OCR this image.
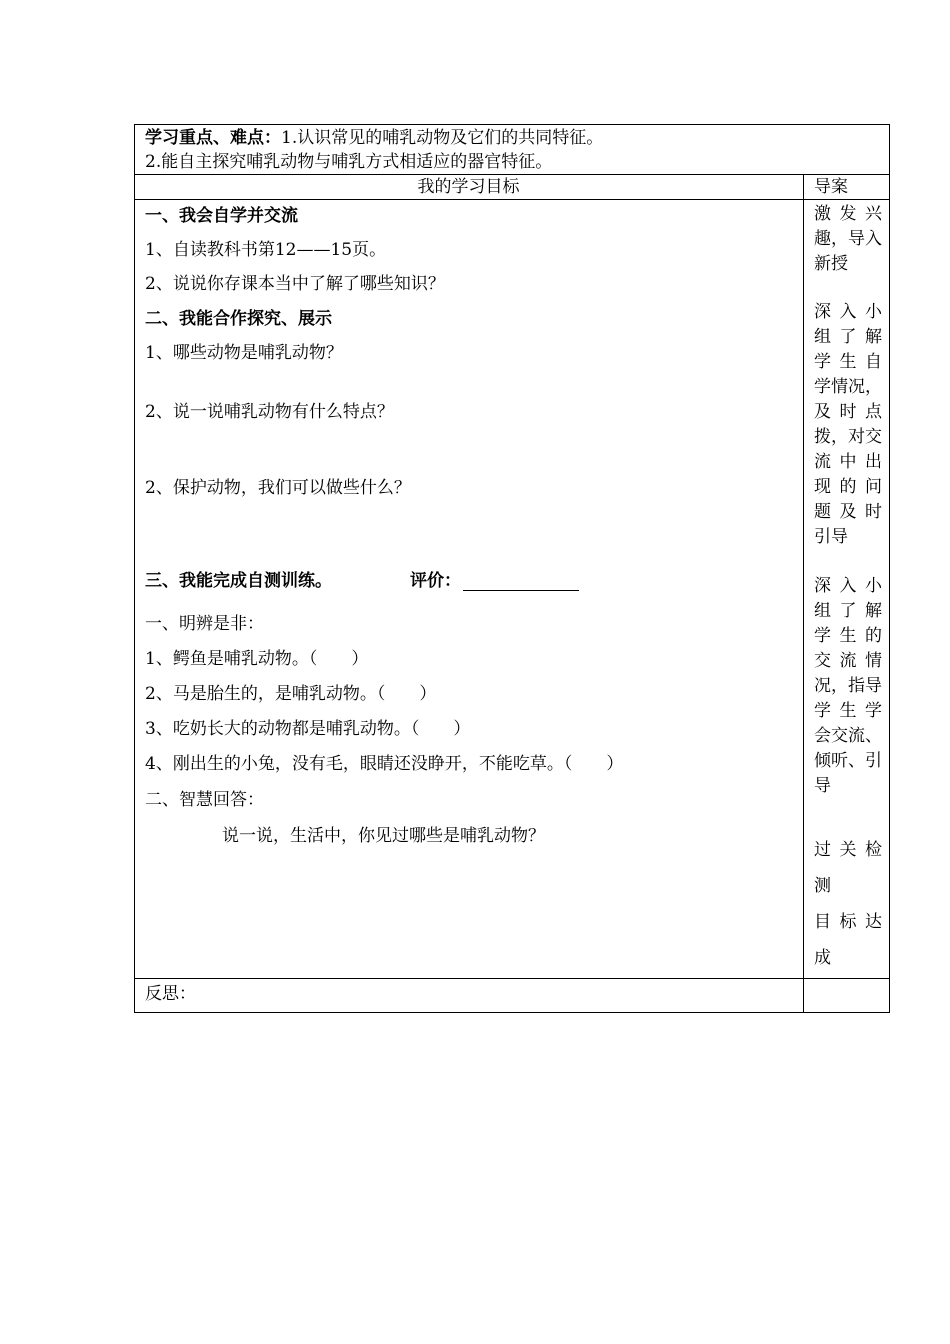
学习重点、难点：1.认识常见的哺乳动物及它们的共同特征。
2.能自主探究哺乳动物与哺乳方式相适应的器官特征。
我的学习目标	导案
一、我会自学并交流
1、自读教科书第12——15页。
2、说说你存课本当中了解了哪些知识？
二、我能合作探究、展示
1、哪些动物是哺乳动物？
2、说一说哺乳动物有什么特点？
2、保护动物，我们可以做些什么？
三、我能完成自测训练。	评价：
一、明辨是非：
1、鳄鱼是哺乳动物。（　　）
2、马是胎生的，是哺乳动物。（　　）
3、吃奶长大的动物都是哺乳动物。（　　）
4、刚出生的小兔，没有毛，眼睛还没睁开，不能吃草。（　　）
二、智慧回答：
说一说，生活中，你见过哪些是哺乳动物？
激 发 兴
趣，导入
新授
深 入 小
组 了 解
学 生 自
学情况，
及 时 点
拨，对交
流 中 出
现 的 问
题 及 时
引导
深 入 小
组 了 解
学 生 的
交 流 情
况，指导
学 生 学
会交流、
倾听、引
导
过 关 检
测
目 标 达
成
反思：
